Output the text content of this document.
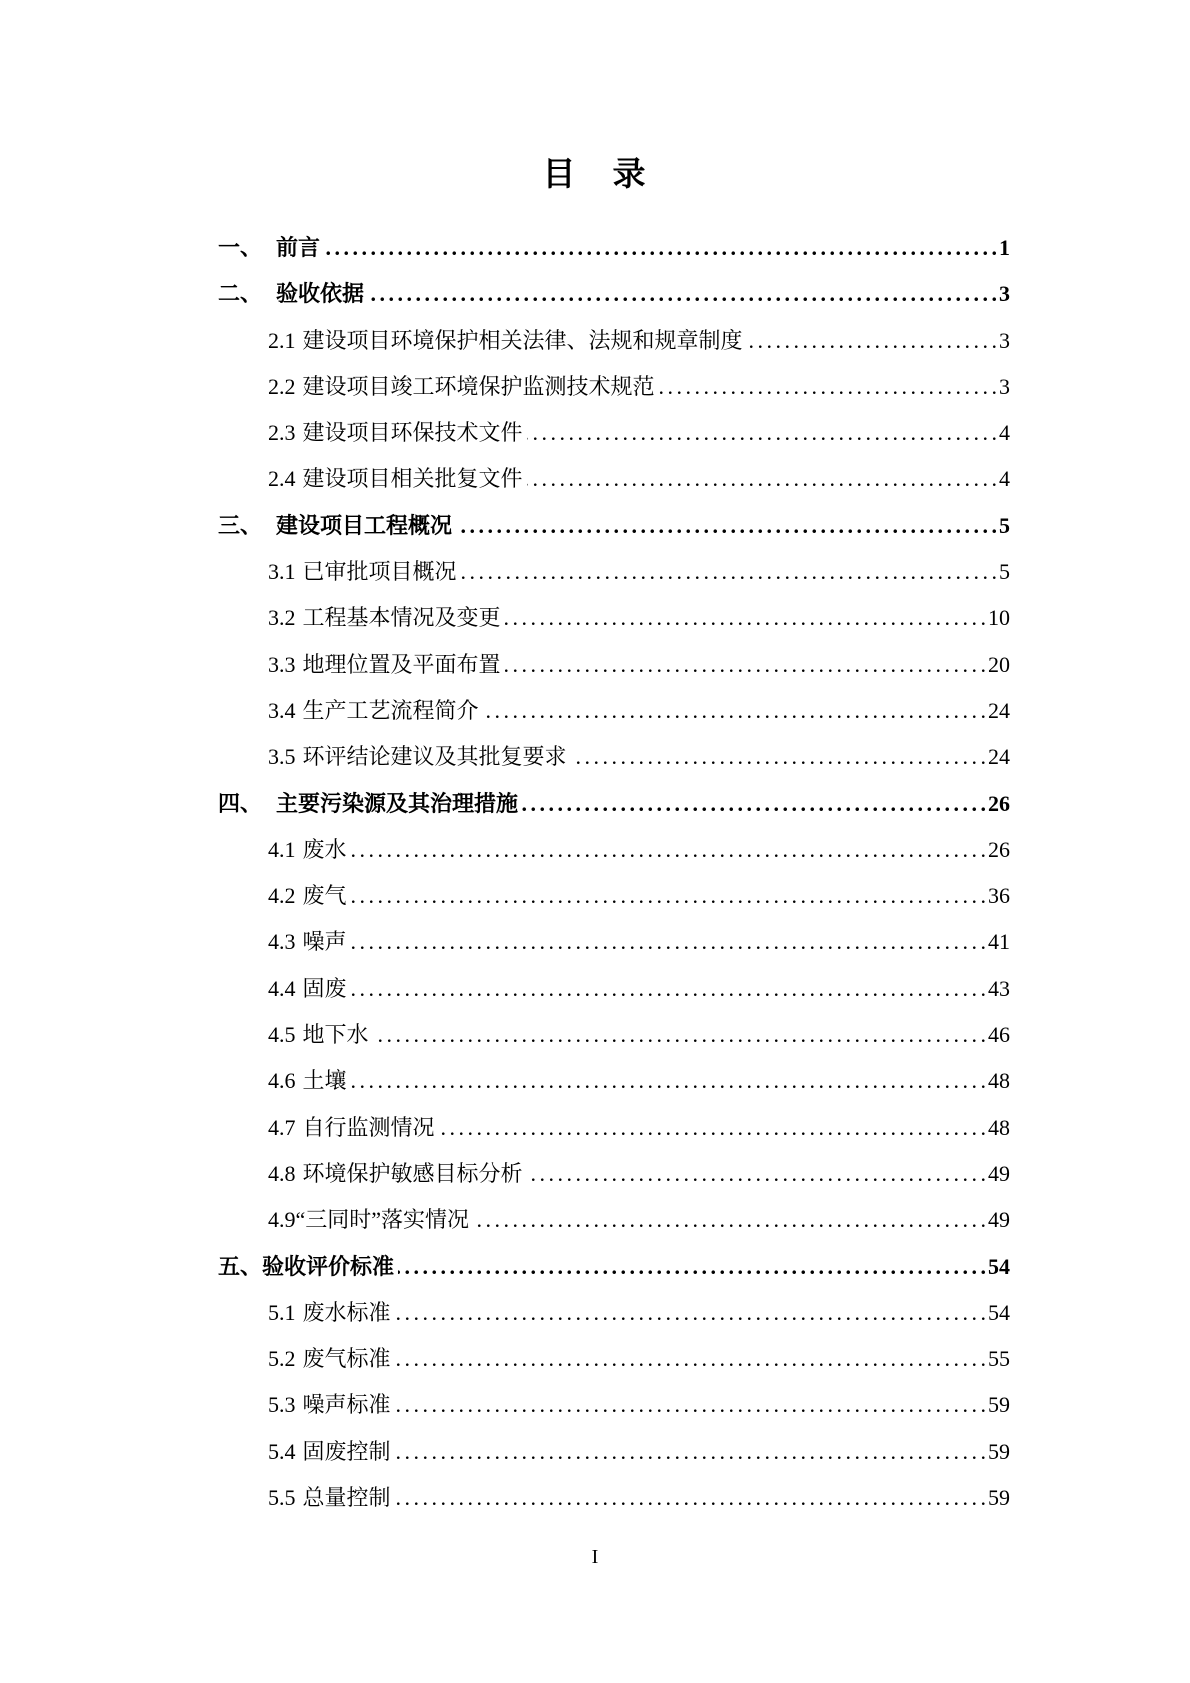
目　录
一、 前言 . . .	1
二、 验收依据 . . .	3
2.1 建设项目环境保护相关法律、法规和规章制度 . . .	3
2.2 建设项目竣工环境保护监测技术规范 . . .	3
2.3 建设项目环保技术文件 . . .	4
2.4 建设项目相关批复文件 . . .	4
三、 建设项目工程概况 . . .	5
3.1 已审批项目概况 . . .	5
3.2 工程基本情况及变更 . . .	10
3.3 地理位置及平面布置 . . .	20
3.4 生产工艺流程简介 . . .	24
3.5 环评结论建议及其批复要求 . . .	24
四、 主要污染源及其治理措施 . . .	26
4.1 废水 . . .	26
4.2 废气 . . .	36
4.3 噪声 . . .	41
4.4 固废 . . .	43
4.5 地下水 . . .	46
4.6 土壤 . . .	48
4.7 自行监测情况 . . .	48
4.8 环境保护敏感目标分析 . . .	49
4.9 “三同时”落实情况 . . .	49
五、 验收评价标准 . . .	54
5.1 废水标准 . . .	54
5.2 废气标准 . . .	55
5.3 噪声标准 . . .	59
5.4 固废控制 . . .	59
5.5 总量控制 . . .	59
I
